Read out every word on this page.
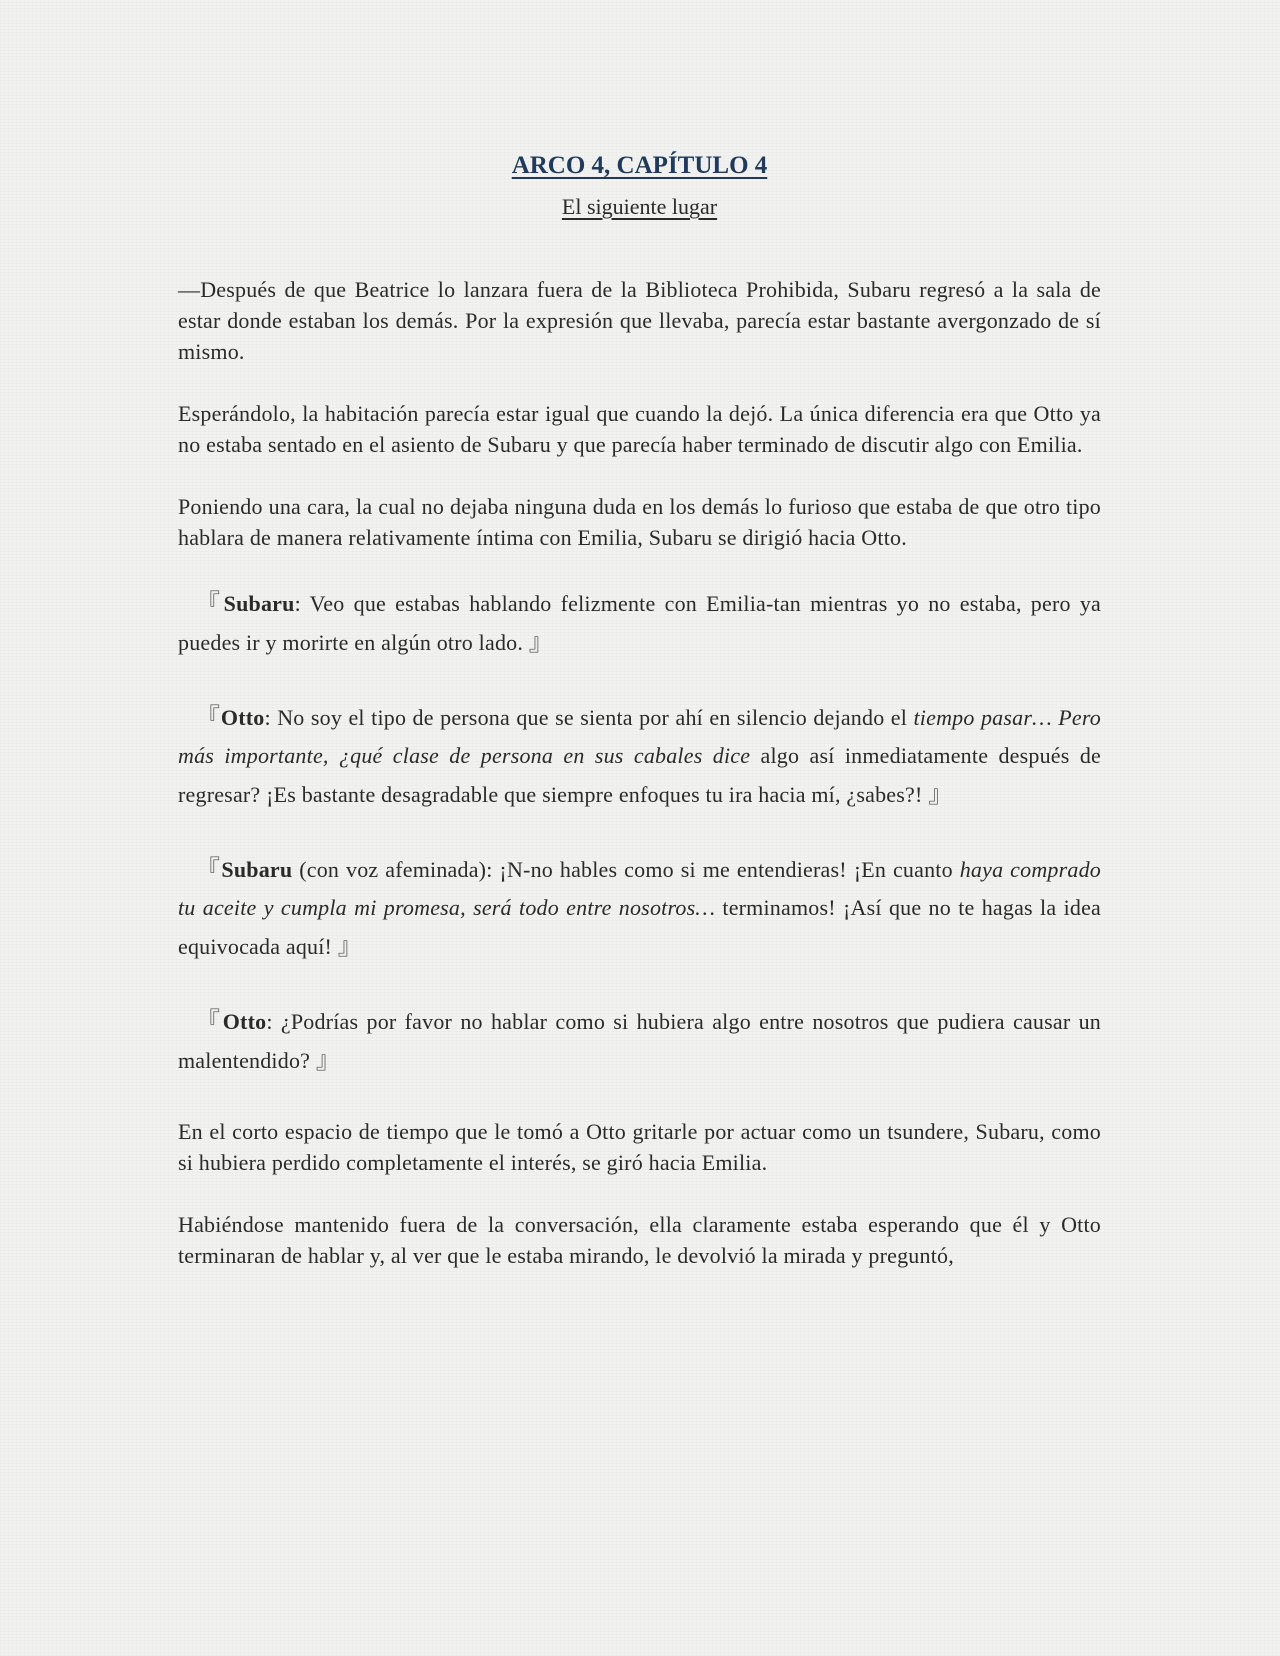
ARCO 4, CAPÍTULO 4
El siguiente lugar

—Después de que Beatrice lo lanzara fuera de la Biblioteca Prohibida, Subaru regresó a la sala de estar donde estaban los demás. Por la expresión que llevaba, parecía estar bastante avergonzado de sí mismo.

Esperándolo, la habitación parecía estar igual que cuando la dejó. La única diferencia era que Otto ya no estaba sentado en el asiento de Subaru y que parecía haber terminado de discutir algo con Emilia.

Poniendo una cara, la cual no dejaba ninguna duda en los demás lo furioso que estaba de que otro tipo hablara de manera relativamente íntima con Emilia, Subaru se dirigió hacia Otto.

『Subaru: Veo que estabas hablando felizmente con Emilia-tan mientras yo no estaba, pero ya puedes ir y morirte en algún otro lado. 』

『Otto: No soy el tipo de persona que se sienta por ahí en silencio dejando el tiempo pasar… Pero más importante, ¿qué clase de persona en sus cabales dice algo así inmediatamente después de regresar? ¡Es bastante desagradable que siempre enfoques tu ira hacia mí, ¿sabes?! 』

『Subaru (con voz afeminada): ¡N-no hables como si me entendieras! ¡En cuanto haya comprado tu aceite y cumpla mi promesa, será todo entre nosotros… terminamos! ¡Así que no te hagas la idea equivocada aquí! 』

『Otto: ¿Podrías por favor no hablar como si hubiera algo entre nosotros que pudiera causar un malentendido? 』

En el corto espacio de tiempo que le tomó a Otto gritarle por actuar como un tsundere, Subaru, como si hubiera perdido completamente el interés, se giró hacia Emilia.

Habiéndose mantenido fuera de la conversación, ella claramente estaba esperando que él y Otto terminaran de hablar y, al ver que le estaba mirando, le devolvió la mirada y preguntó,
